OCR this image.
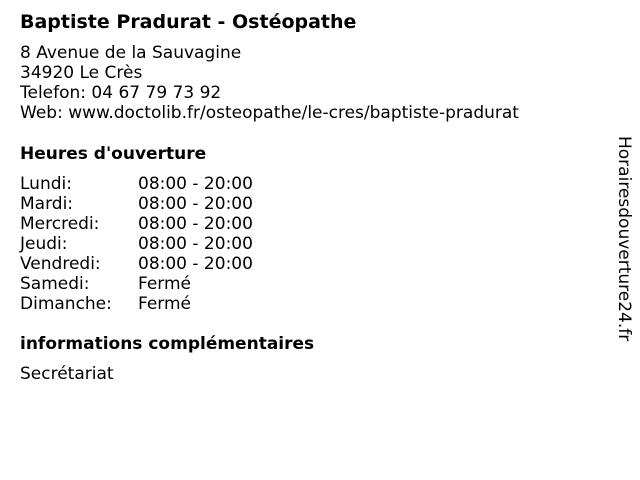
Baptiste Pradurat - Ostéopathe
8 Avenue de la Sauvagine
34920 Le Crès
Telefon: 04 67 79 73 92
Web: www.doctolib.fr/osteopathe/le-cres/baptiste-pradurat
Heures d'ouverture
Lundi:	08:00 - 20:00
Mardi:	08:00 - 20:00
Mercredi: 08:00 - 20:00
Jeudi:	08:00 - 20:00
Vendredi: 08:00 - 20:00
Samedi:	Fermé
Dimanche: Fermé
informations complémentaires
Secrétariat
Horairesdouverture24.fr
